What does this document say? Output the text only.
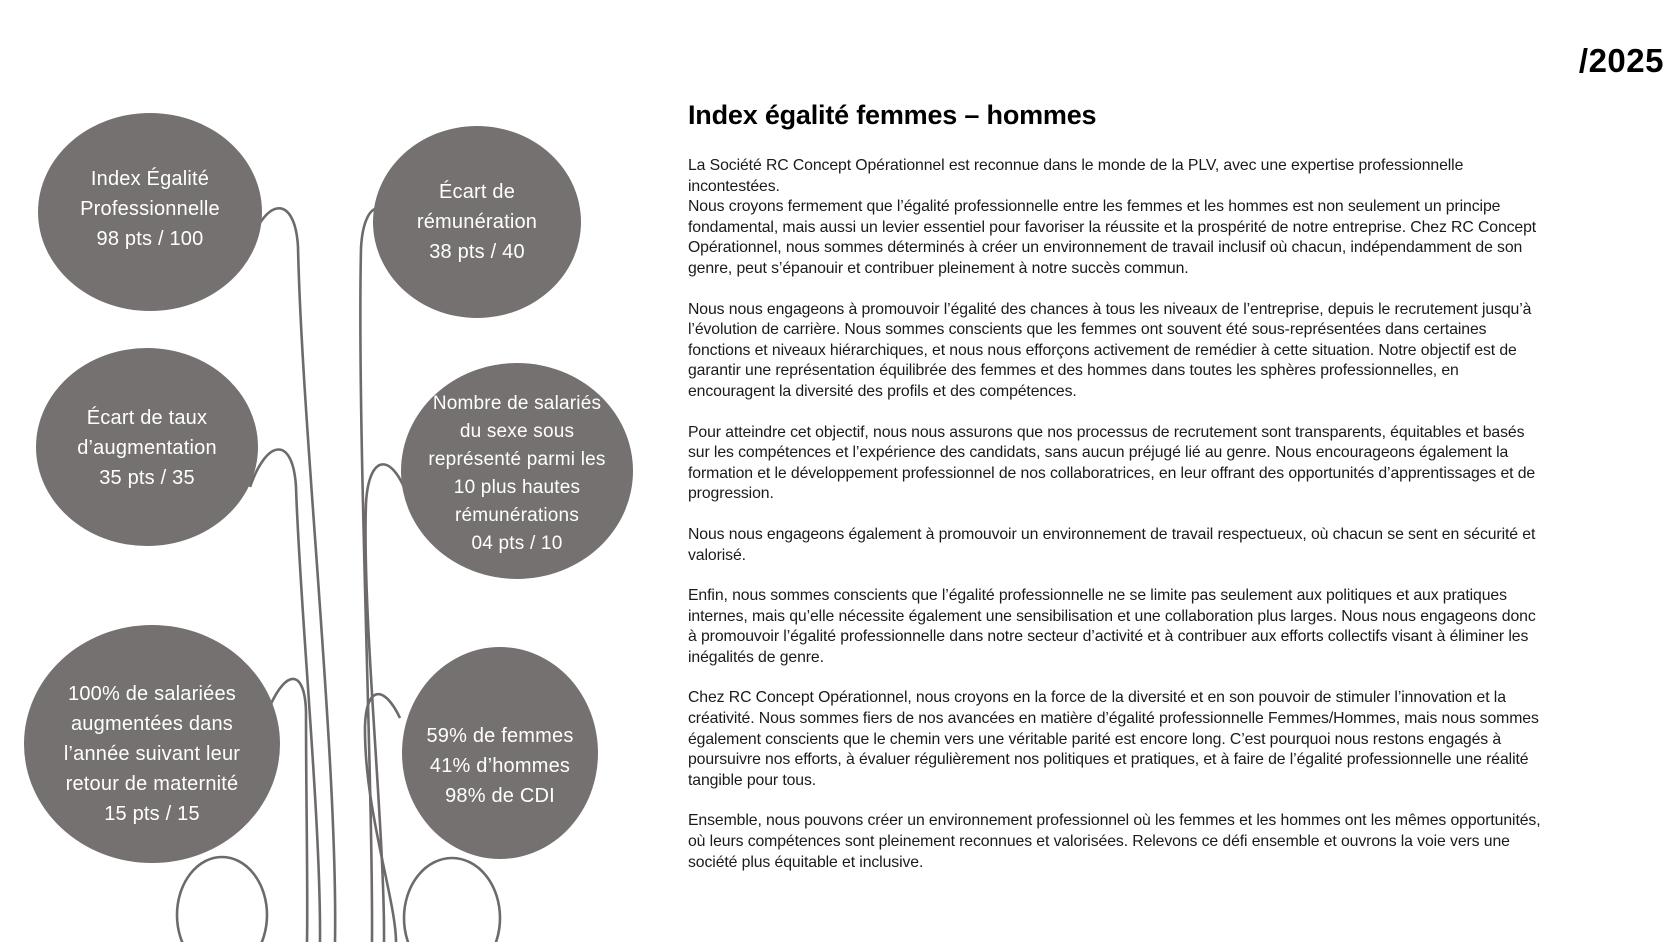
/2025
Index Égalité
Professionnelle
98 pts / 100
Écart de
rémunération
38 pts / 40
Écart de taux
d’augmentation
35 pts / 35
Nombre de salariés
du sexe sous
représenté parmi les
10 plus hautes
rémunérations
04 pts / 10
100% de salariées
augmentées dans
l’année suivant leur
retour de maternité
15 pts / 15
59% de femmes
41% d’hommes
98% de CDI
Index égalité femmes – hommes

La Société RC Concept Opérationnel est reconnue dans le monde de la PLV, avec une expertise professionnelle incontestées.
Nous croyons fermement que l’égalité professionnelle entre les femmes et les hommes est non seulement un principe fondamental, mais aussi un levier essentiel pour favoriser la réussite et la prospérité de notre entreprise. Chez RC Concept Opérationnel, nous sommes déterminés à créer un environnement de travail inclusif où chacun, indépendamment de son genre, peut s’épanouir et contribuer pleinement à notre succès commun.

Nous nous engageons à promouvoir l’égalité des chances à tous les niveaux de l’entreprise, depuis le recrutement jusqu’à l’évolution de carrière. Nous sommes conscients que les femmes ont souvent été sous-représentées dans certaines fonctions et niveaux hiérarchiques, et nous nous efforçons activement de remédier à cette situation. Notre objectif est de garantir une représentation équilibrée des femmes et des hommes dans toutes les sphères professionnelles, en encouragent la diversité des profils et des compétences.

Pour atteindre cet objectif, nous nous assurons que nos processus de recrutement sont transparents, équitables et basés sur les compétences et l’expérience des candidats, sans aucun préjugé lié au genre. Nous encourageons également la formation et le développement professionnel de nos collaboratrices, en leur offrant des opportunités d’apprentissages et de progression.

Nous nous engageons également à promouvoir un environnement de travail respectueux, où chacun se sent en sécurité et valorisé.

Enfin, nous sommes conscients que l’égalité professionnelle ne se limite pas seulement aux politiques et aux pratiques internes, mais qu’elle nécessite également une sensibilisation et une collaboration plus larges. Nous nous engageons donc à promouvoir l’égalité professionnelle dans notre secteur d’activité et à contribuer aux efforts collectifs visant à éliminer les inégalités de genre.

Chez RC Concept Opérationnel, nous croyons en la force de la diversité et en son pouvoir de stimuler l’innovation et la créativité. Nous sommes fiers de nos avancées en matière d’égalité professionnelle Femmes/Hommes, mais nous sommes également conscients que le chemin vers une véritable parité est encore long. C’est pourquoi nous restons engagés à poursuivre nos efforts, à évaluer régulièrement nos politiques et pratiques, et à faire de l’égalité professionnelle une réalité tangible pour tous.

Ensemble, nous pouvons créer un environnement professionnel où les femmes et les hommes ont les mêmes opportunités, où leurs compétences sont pleinement reconnues et valorisées. Relevons ce défi ensemble et ouvrons la voie vers une société plus équitable et inclusive.
